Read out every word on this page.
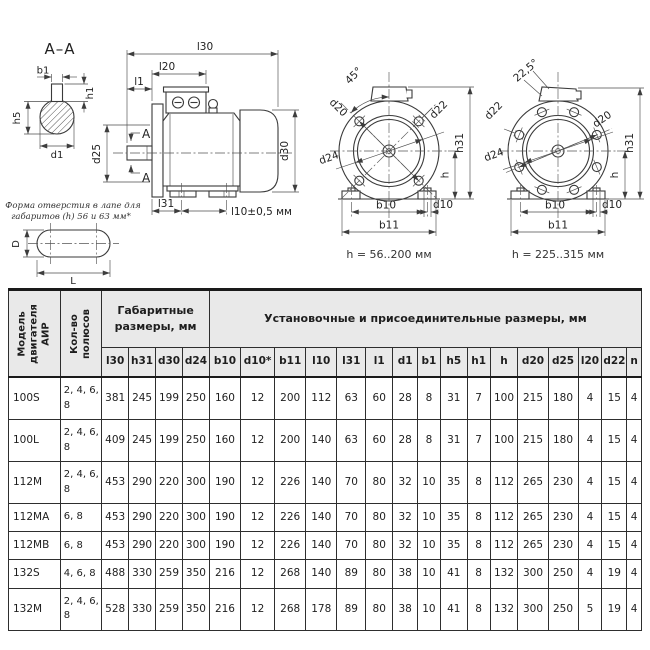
А–А
b1
h1
h5
d1
Форма отверстия в лапе для
габаритов (h) 56 и 63 мм*
D
L
l30
l20
l1
d25
А
А
d30
l31
l10±0,5 мм
d20	d22
d24
45°
h31
h
b10	d10
b11
h = 56..200 мм
d20
d22
d24
22,5°
h31
h
b10	d10
b11
h = 225..315 мм
Модель двигателя АИР	Кол-во полюсов	Габаритные размеры, мм				Установочные и присоединительные размеры, мм															
		l30	h31	d30	d24	b10	d10*	b11	l10	l31	l1	d1	b1	h5	h1	h	d20	d25	l20	d22	n
100S	2, 4, 6, 8	381	245	199	250	160	12	200	112	63	60	28	8	31	7	100	215	180	4	15	4
100L	2, 4, 6, 8	409	245	199	250	160	12	200	140	63	60	28	8	31	7	100	215	180	4	15	4
112M	2, 4, 6, 8	453	290	220	300	190	12	226	140	70	80	32	10	35	8	112	265	230	4	15	4
112MA	6, 8	453	290	220	300	190	12	226	140	70	80	32	10	35	8	112	265	230	4	15	4
112MB	6, 8	453	290	220	300	190	12	226	140	70	80	32	10	35	8	112	265	230	4	15	4
132S	4, 6, 8	488	330	259	350	216	12	268	140	89	80	38	10	41	8	132	300	250	4	19	4
132M	2, 4, 6, 8	528	330	259	350	216	12	268	178	89	80	38	10	41	8	132	300	250	5	19	4
